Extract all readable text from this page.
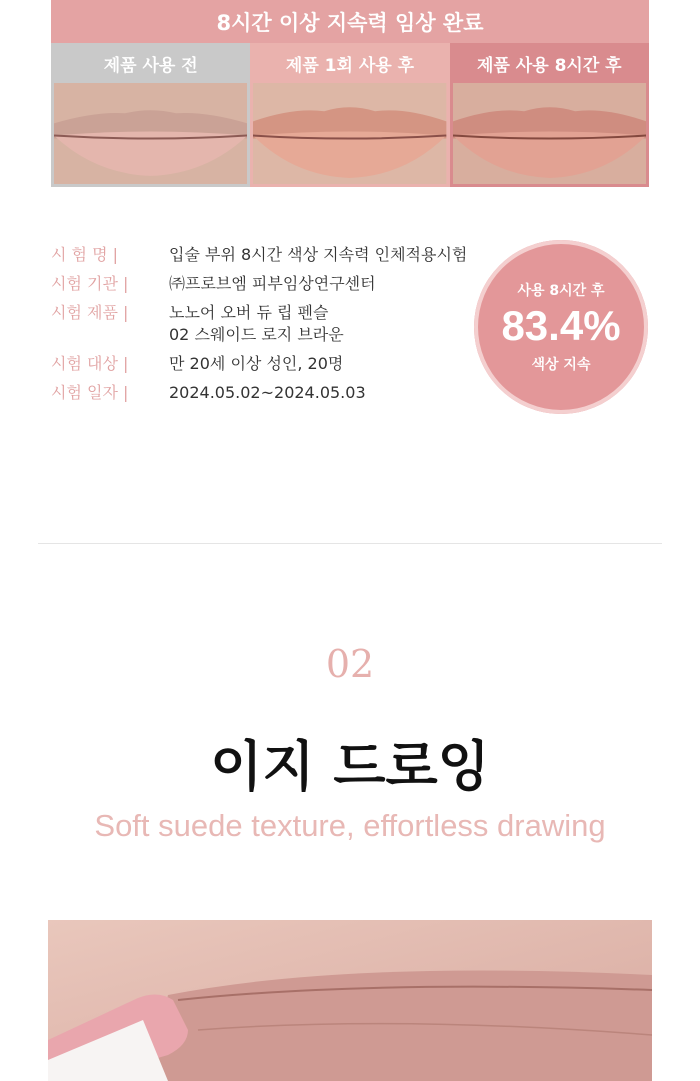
8시간 이상 지속력 임상 완료
제품 사용 전	제품 1회 사용 후	제품 사용 8시간 후
시 험 명 |	입술 부위 8시간 색상 지속력 인체적용시험
시험 기관 |	㈜프로브엠 피부임상연구센터
시험 제품 |	노노어 오버 듀 립 펜슬
02 스웨이드 로지 브라운
시험 대상 |	만 20세 이상 성인, 20명
시험 일자 |	2024.05.02~2024.05.03
사용 8시간 후
83.4%
색상 지속
02
이지 드로잉
Soft suede texture, effortless drawing
